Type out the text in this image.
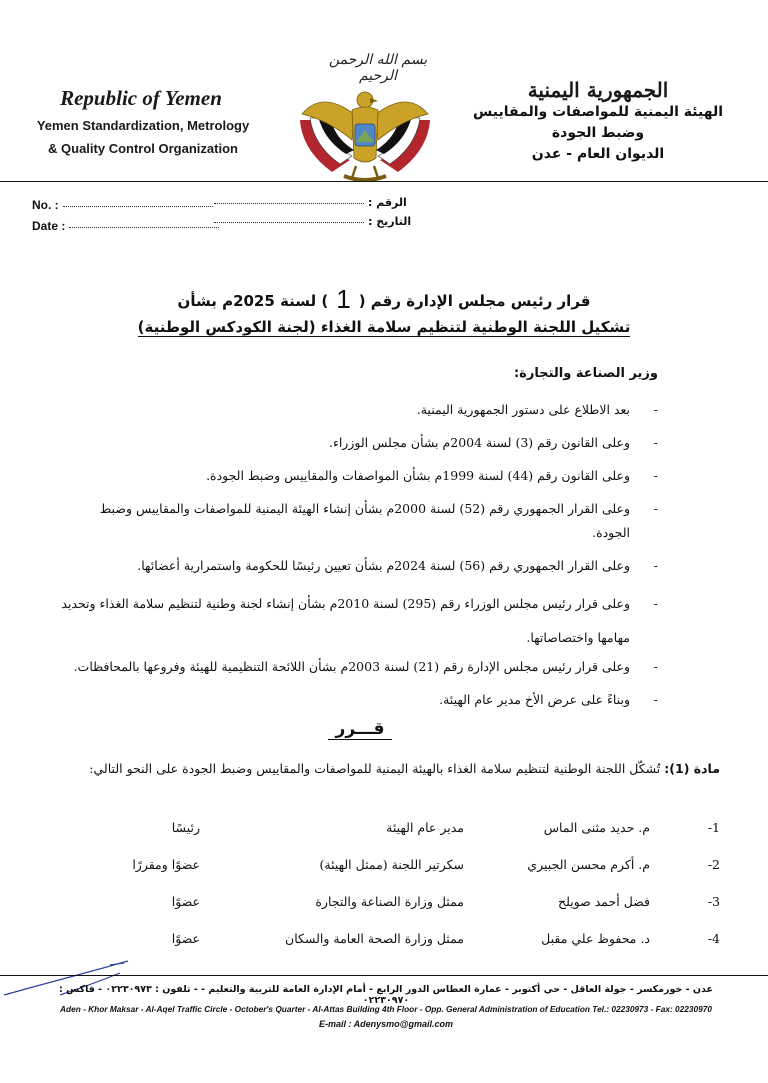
Republic of Yemen
Yemen Standardization, Metrology
& Quality Control Organization
بسم الله الرحمن الرحيم
الجمهورية اليمنية
الهيئة اليمنية للمواصفات والمقاييس
وضبط الجودة
الديوان العام - عدن
No. :
Date :
الرقم :
التاريخ :
قرار رئيس مجلس الإدارة رقم (1) لسنة 2025م بشأن
تشكيل اللجنة الوطنية لتنظيم سلامة الغذاء (لجنة الكودكس الوطنية)
وزير الصناعة والتجارة:

-
بعد الاطلاع على دستور الجمهورية اليمنية.

-
وعلى القانون رقم (3) لسنة 2004م بشأن مجلس الوزراء.

-
وعلى القانون رقم (44) لسنة 1999م بشأن المواصفات والمقاييس وضبط الجودة.

-
وعلى القرار الجمهوري رقم (52) لسنة 2000م بشأن إنشاء الهيئة اليمنية للمواصفات والمقاييس وضبط الجودة.

-
وعلى القرار الجمهوري رقم (56) لسنة 2024م بشأن تعيين رئيسًا للحكومة واستمرارية أعضائها.

-
وعلى قرار رئيس مجلس الوزراء رقم (295) لسنة 2010م بشأن إنشاء لجنة وطنية لتنظيم سلامة الغذاء وتحديد مهامها واختصاصاتها.

-
وعلى قرار رئيس مجلس الإدارة رقم (21) لسنة 2003م بشأن اللائحة التنظيمية للهيئة وفروعها بالمحافظات.

-
وبناءً على عرض الأخ مدير عام الهيئة.

قـــرر
مادة (1): تُشكّل اللجنة الوطنية لتنظيم سلامة الغذاء بالهيئة اليمنية للمواصفات والمقاييس وضبط الجودة على النحو التالي:
1-
م. حديد مثنى الماس
مدير عام الهيئة
رئيسًا
2-
م. أكرم محسن الجبيري
سكرتير اللجنة (ممثل الهيئة)
عضوًا ومقررًا
3-
فضل أحمد صويلح
ممثل وزارة الصناعة والتجارة
عضوًا
4-
د. محفوظ علي مقبل
ممثل وزارة الصحة العامة والسكان
عضوًا
عدن - خورمكسر - جولة العاقل - حي أكتوبر - عمارة العطاس الدور الرابع - أمام الإدارة العامة للتربية والتعليم - - تلفون : ٠٢٢٣٠٩٧٣ - فاكس : ٠٢٢٣٠٩٧٠
Aden - Khor Maksar - Al-Aqel Traffic Circle - October's Quarter - Al-Attas Building 4th Floor - Opp. General Administration of Education Tel.: 02230973 - Fax: 02230970
E-mail : Adenysmo@gmail.com
